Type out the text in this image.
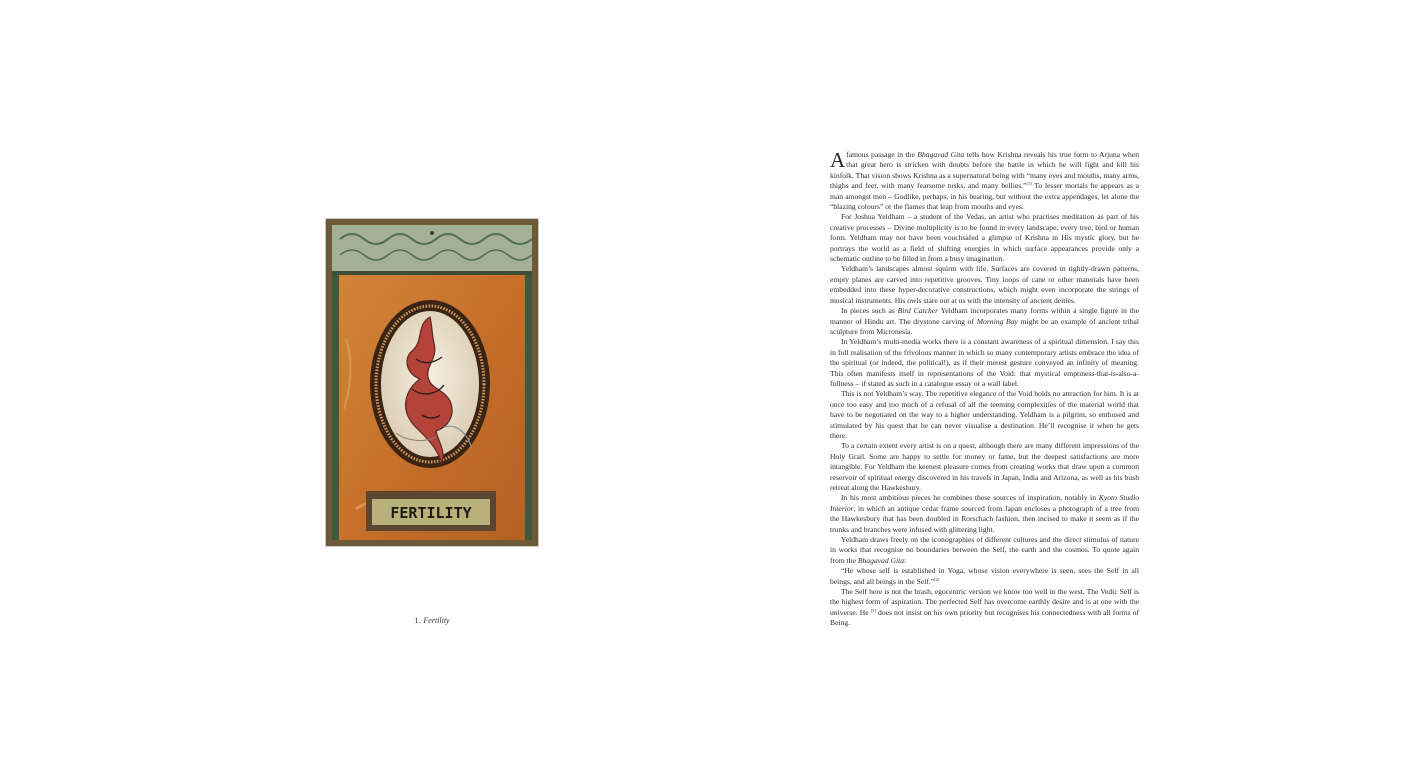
FERTILITY
1. Fertility

Afamous passage in the Bhagavad Gita tells how Krishna reveals his true form to Arjuna when that great hero is stricken with doubts before the battle in which he will fight and kill his kinfolk. That vision shows Krishna as a supernatural being with “many eyes and mouths, many arms, thighs and feet, with many fearsome tusks, and many bellies.”[1] To lesser mortals he appears as a man amongst men – Godlike, perhaps, in his bearing, but without the extra appendages, let alone the “blazing colours” or the flames that leap from mouths and eyes.

For Joshua Yeldham – a student of the Vedas, an artist who practises meditation as part of his creative processes – Divine multiplicity is to be found in every landscape, every tree, bird or human form. Yeldham may not have been vouchsafed a glimpse of Krishna in His mystic glory, but he portrays the world as a field of shifting energies in which surface appearances provide only a schematic outline to be filled in from a busy imagination.

Yeldham’s landscapes almost squirm with life. Surfaces are covered in tightly-drawn patterns, empty planes are carved into repetitive grooves. Tiny loops of cane or other materials have been embedded into these hyper-decorative constructions, which might even incorporate the strings of musical instruments. His owls stare out at us with the intensity of ancient deities.

In pieces such as Bird Catcher Yeldham incorporates many forms within a single figure in the manner of Hindu art. The drystone carving of Morning Bay might be an example of ancient tribal sculpture from Micronesia.

In Yeldham’s multi-media works there is a constant awareness of a spiritual dimension. I say this in full realisation of the frivolous manner in which so many contemporary artists embrace the idea of the spiritual (or indeed, the political!), as if their merest gesture conveyed an infinity of meaning. This often manifests itself in representations of the Void: that mystical emptiness-that-is-also-a-fullness – if stated as such in a catalogue essay or a wall label.

This is not Yeldham’s way. The repetitive elegance of the Void holds no attraction for him. It is at once too easy and too much of a refusal of all the teeming complexities of the material world that have to be negotiated on the way to a higher understanding. Yeldham is a pilgrim, so enthused and stimulated by his quest that he can never visualise a destination. He’ll recognise it when he gets there.

To a certain extent every artist is on a quest, although there are many different impressions of the Holy Grail. Some are happy to settle for money or fame, but the deepest satisfactions are more intangible. For Yeldham the keenest pleasure comes from creating works that draw upon a common reservoir of spiritual energy discovered in his travels in Japan, India and Arizona, as well as his bush retreat along the Hawkesbury.

In his most ambitious pieces he combines these sources of inspiration, notably in Kyoto Studio Interior, in which an antique cedar frame sourced from Japan encloses a photograph of a tree from the Hawkesbury that has been doubled in Rorschach fashion, then incised to make it seem as if the trunks and branches were infused with glittering light.

Yeldham draws freely on the iconographies of different cultures and the direct stimulus of nature in works that recognise no boundaries between the Self, the earth and the cosmos. To quote again from the Bhagavad Gita:

“He whose self is established in Yoga, whose vision everywhere is seen, sees the Self in all beings, and all beings in the Self.”[2]

The Self here is not the brash, egocentric version we know too well in the west. The Vedic Self is the highest form of aspiration. The perfected Self has overcome earthly desire and is at one with the universe. He [3] does not insist on his own priority but recognises his connectedness with all forms of Being.
